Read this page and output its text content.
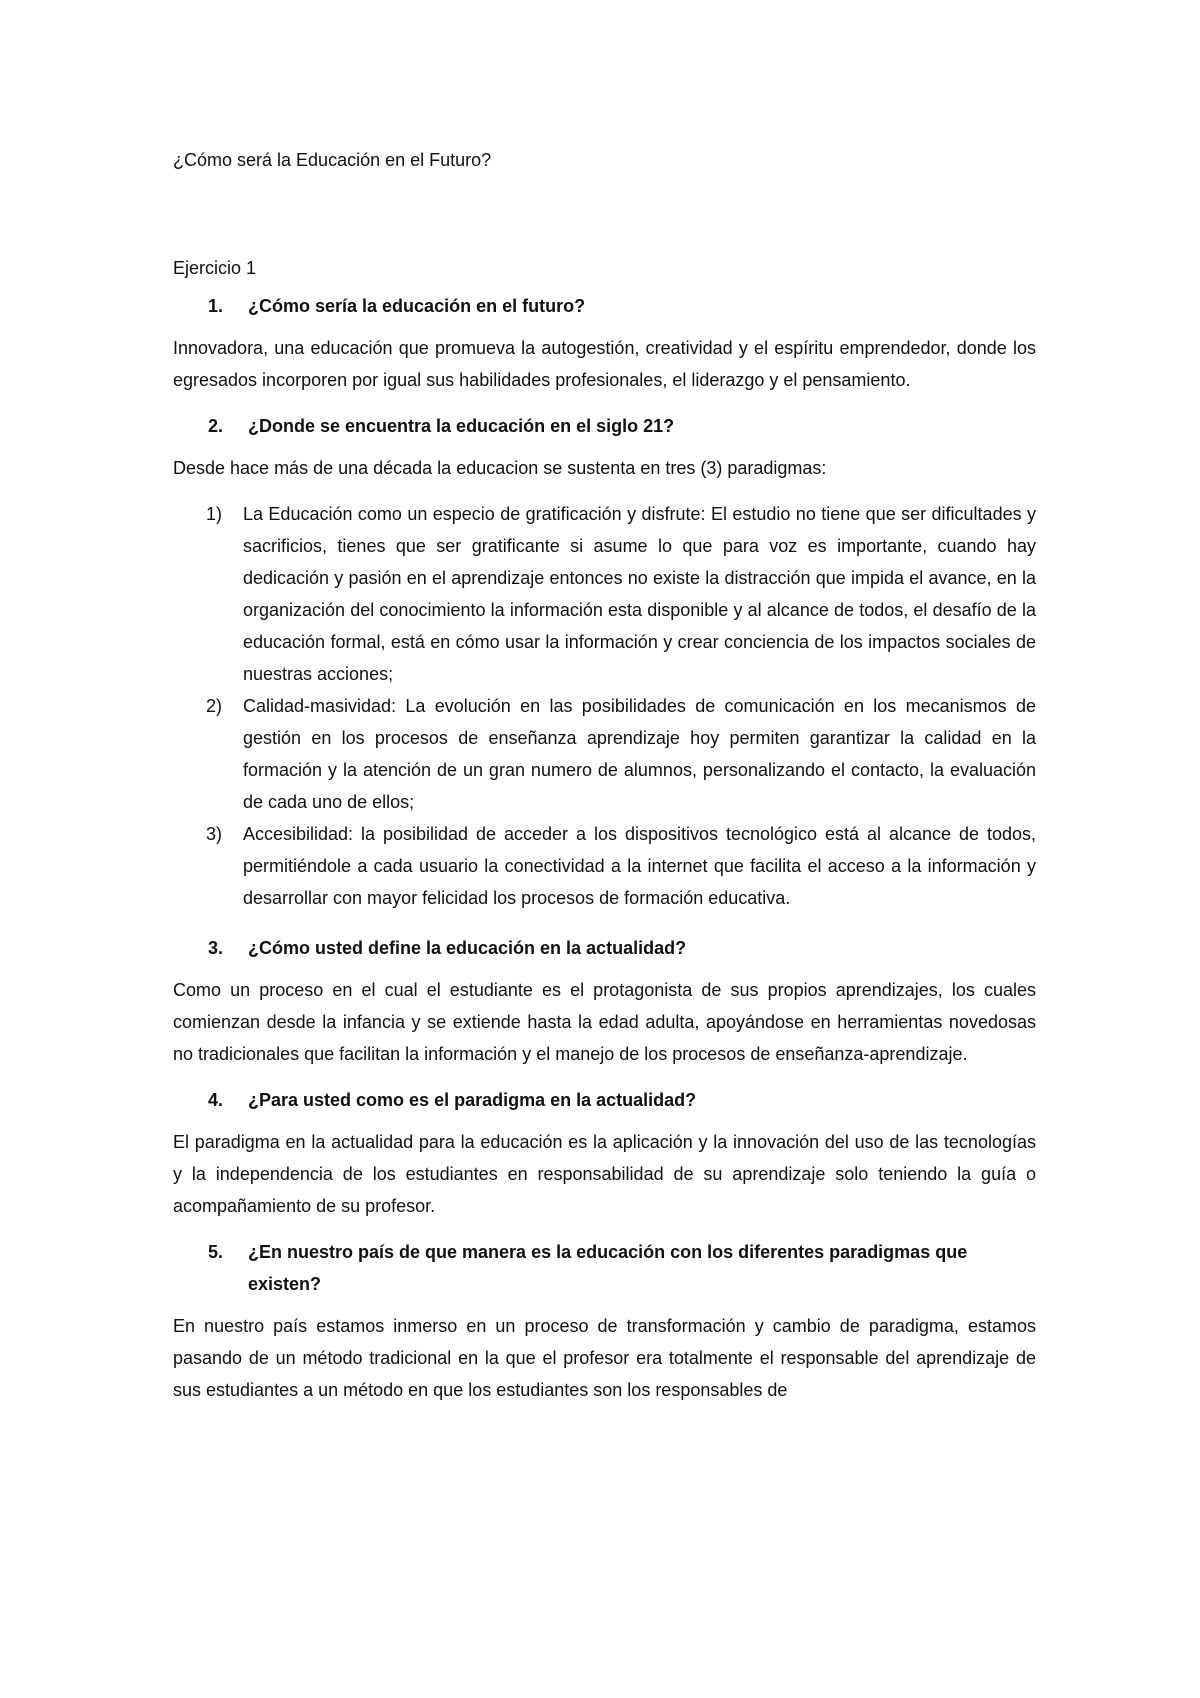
¿Cómo será la Educación en el Futuro?

Ejercicio 1

1.	¿Cómo sería la educación en el futuro?

Innovadora, una educación que promueva la autogestión, creatividad y el espíritu emprendedor, donde los egresados incorporen por igual sus habilidades profesionales, el liderazgo y el pensamiento.

2.	¿Donde se encuentra la educación en el siglo 21?

Desde hace más de una década la educacion se sustenta en tres (3) paradigmas:

1)	La Educación como un especio de gratificación y disfrute: El estudio no tiene que ser dificultades y sacrificios, tienes que ser gratificante si asume lo que para voz es importante, cuando hay dedicación y pasión en el aprendizaje entonces no existe la distracción que impida el avance, en la organización del conocimiento la información esta disponible y al alcance de todos, el desafío de la educación formal, está en cómo usar la información y crear conciencia de los impactos sociales de nuestras acciones;
2)	Calidad-masividad: La evolución en las posibilidades de comunicación en los mecanismos de gestión en los procesos de enseñanza aprendizaje hoy permiten garantizar la calidad en la formación y la atención de un gran numero de alumnos, personalizando el contacto, la evaluación de cada uno de ellos;
3)	Accesibilidad: la posibilidad de acceder a los dispositivos tecnológico está al alcance de todos, permitiéndole a cada usuario la conectividad a la internet que facilita el acceso a la información y desarrollar con mayor felicidad los procesos de formación educativa.
3.	¿Cómo usted define la educación en la actualidad?

Como un proceso en el cual el estudiante es el protagonista de sus propios aprendizajes, los cuales comienzan desde la infancia y se extiende hasta la edad adulta, apoyándose en herramientas novedosas no tradicionales que facilitan la información y el manejo de los procesos de enseñanza-aprendizaje.

4.	¿Para usted como es el paradigma en la actualidad?

El paradigma en la actualidad para la educación es la aplicación y la innovación del uso de las tecnologías y la independencia de los estudiantes en responsabilidad de su aprendizaje solo teniendo la guía o acompañamiento de su profesor.

5.	¿En nuestro país de que manera es la educación con los diferentes paradigmas que existen?

En nuestro país estamos inmerso en un proceso de transformación y cambio de paradigma, estamos pasando de un método tradicional en la que el profesor era totalmente el responsable del aprendizaje de sus estudiantes a un método en que los estudiantes son los responsables de
